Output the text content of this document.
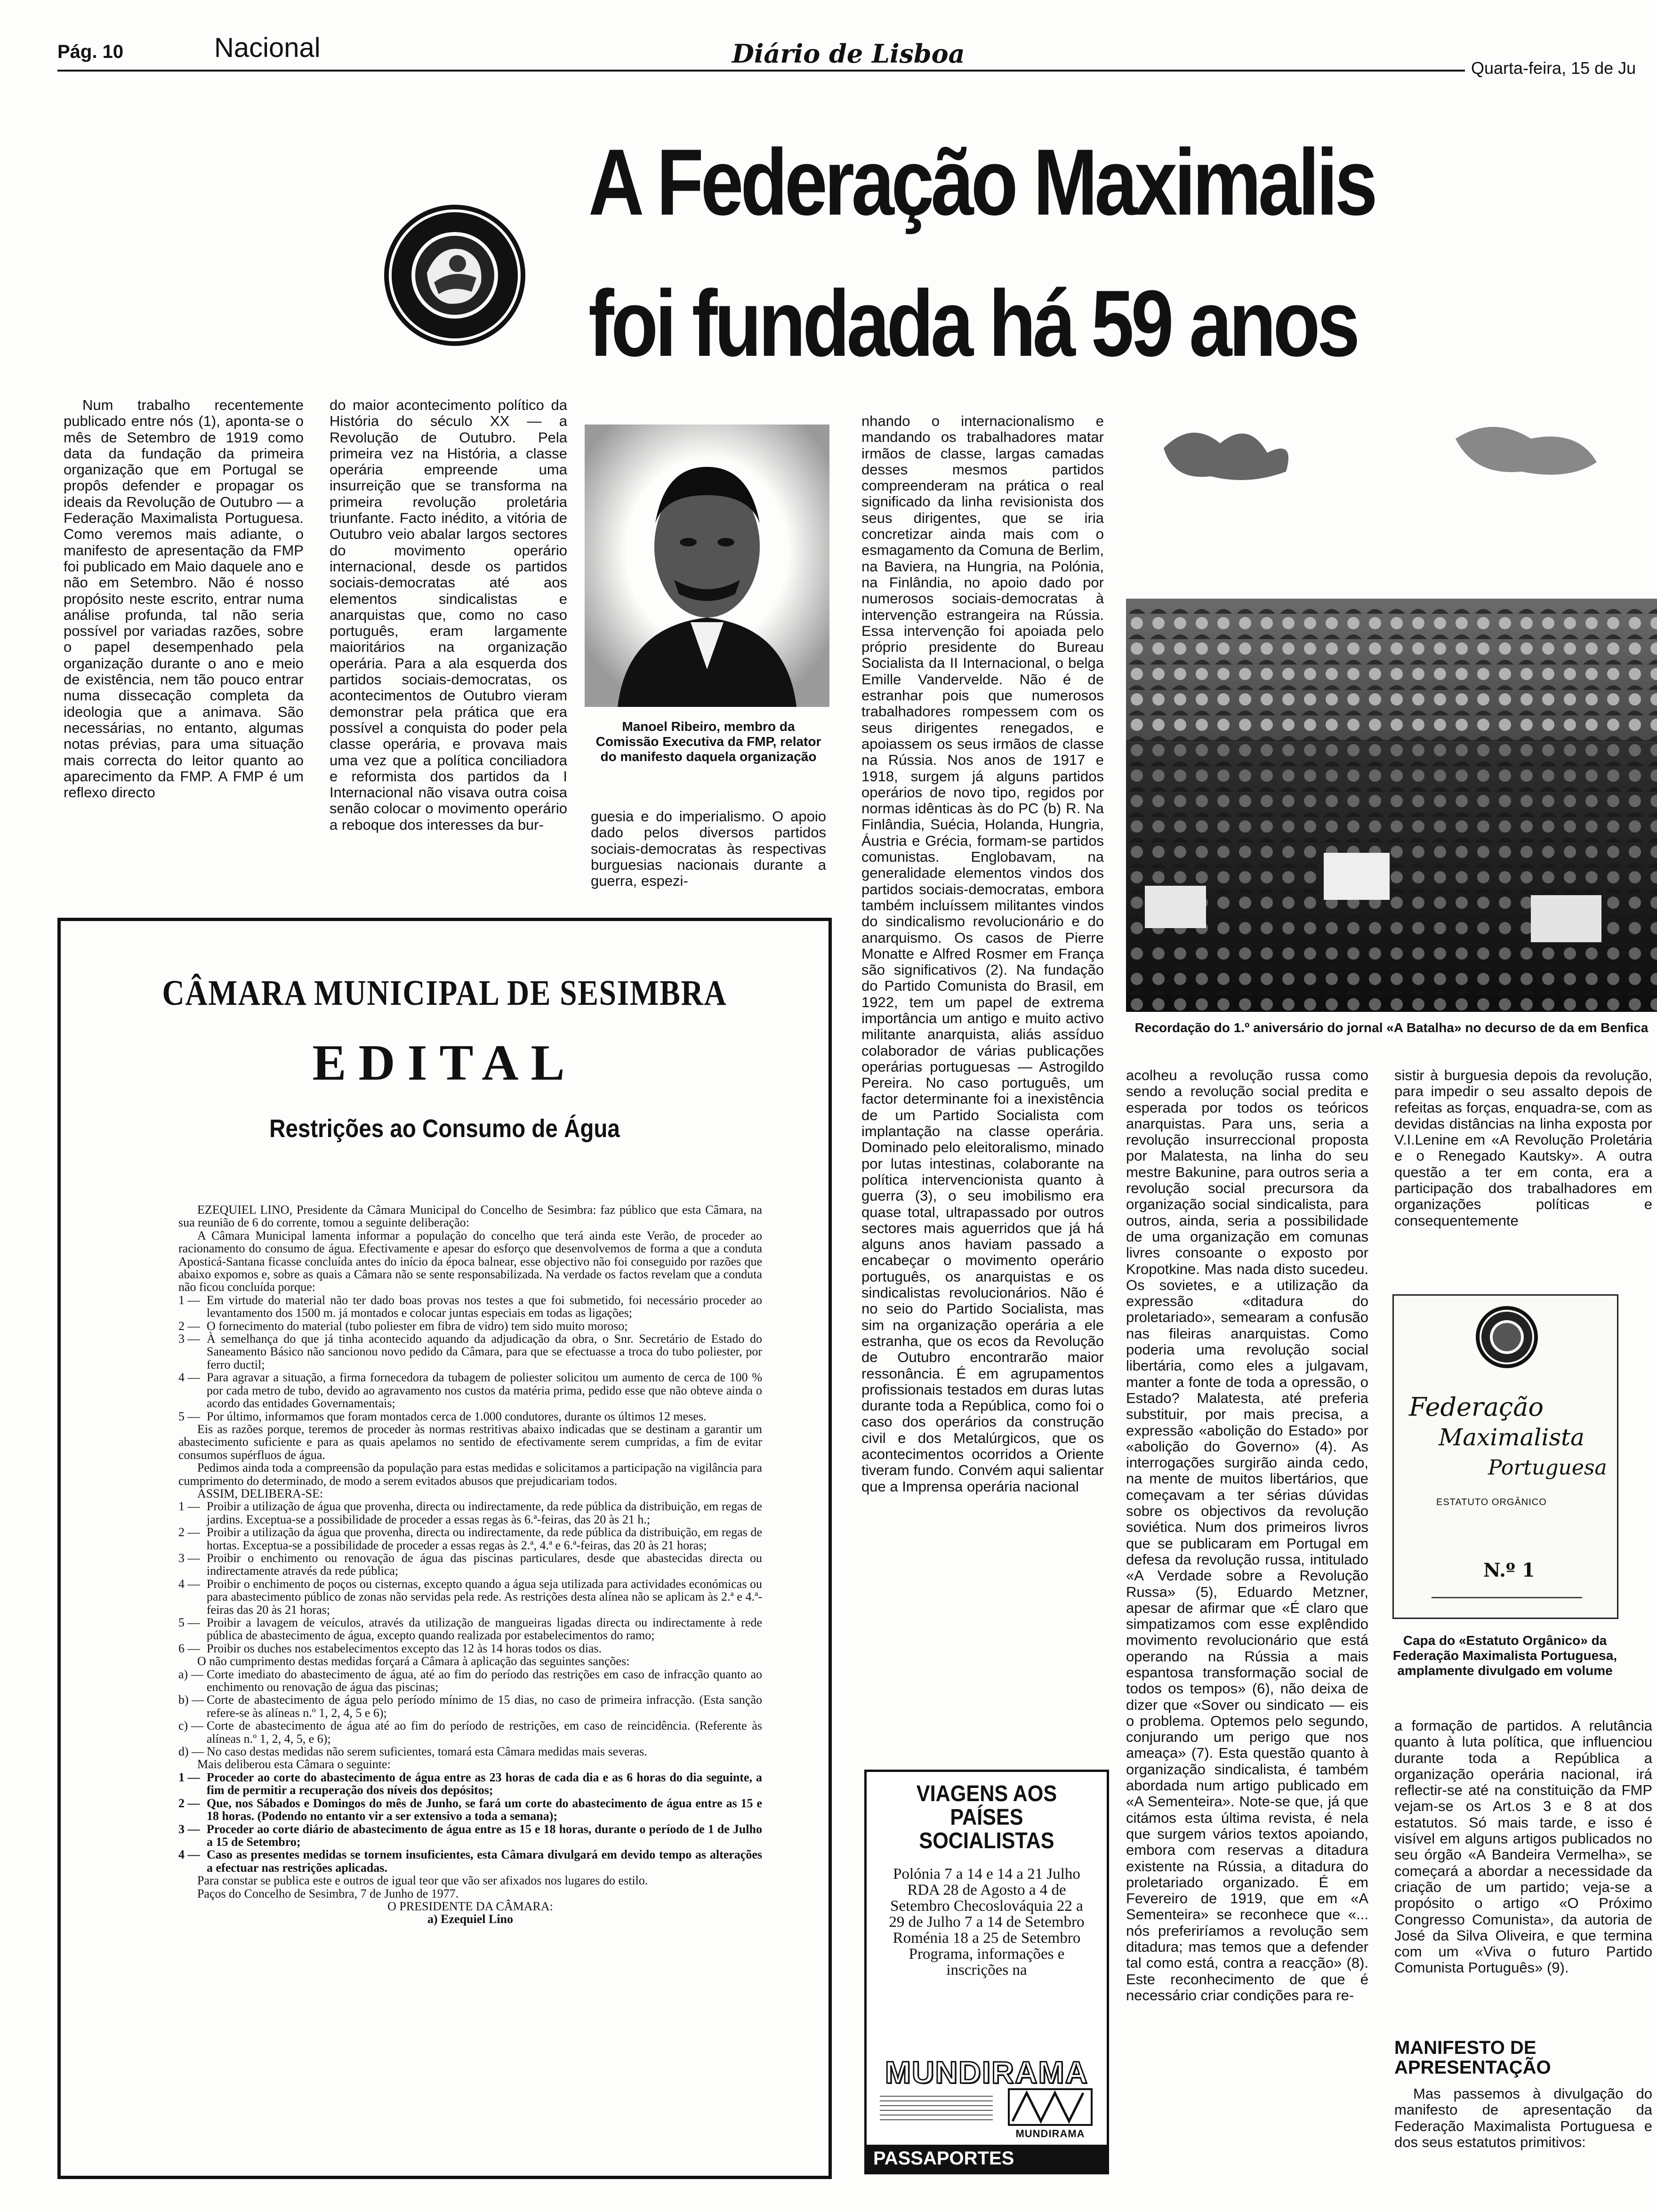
Pág. 10	Nacional	Diário de Lisboa	Quarta-feira, 15 de Ju
A Federação Maximalis
foi fundada há 59 anos

Num trabalho recentemente publicado entre nós (1), aponta-se o mês de Setembro de 1919 como data da fundação da primeira organização que em Portugal se propôs defender e propagar os ideais da Revolução de Outubro — a Federação Maximalista Portuguesa. Como veremos mais adiante, o manifesto de apresentação da FMP foi publicado em Maio daquele ano e não em Setembro. Não é nosso propósito neste escrito, entrar numa análise profunda, tal não seria possível por variadas razões, sobre o papel desempenhado pela organização durante o ano e meio de existência, nem tão pouco entrar numa dissecação completa da ideologia que a animava. São necessárias, no entanto, algumas notas prévias, para uma situação mais correcta do leitor quanto ao aparecimento da FMP. A FMP é um reflexo directo

do maior acontecimento político da História do século XX — a Revolução de Outubro. Pela primeira vez na História, a classe operária empreende uma insurreição que se transforma na primeira revolução proletária triunfante. Facto inédito, a vitória de Outubro veio abalar largos sectores do movimento operário internacional, desde os partidos sociais-democratas até aos elementos sindicalistas e anarquistas que, como no caso português, eram largamente maioritários na organização operária. Para a ala esquerda dos partidos sociais-democratas, os acontecimentos de Outubro vieram demonstrar pela prática que era possível a conquista do poder pela classe operária, e provava mais uma vez que a política conciliadora e reformista dos partidos da I Internacional não visava outra coisa senão colocar o movimento operário a reboque dos interesses da bur-

Manoel Ribeiro, membro da Comissão Executiva da FMP, relator do manifesto daquela organização

guesia e do imperialismo. O apoio dado pelos diversos partidos sociais-democratas às respectivas burguesias nacionais durante a guerra, espezi-

nhando o internacionalismo e mandando os trabalhadores matar irmãos de classe, largas camadas desses mesmos partidos compreenderam na prática o real significado da linha revisionista dos seus dirigentes, que se iria concretizar ainda mais com o esmagamento da Comuna de Berlim, na Baviera, na Hungria, na Polónia, na Finlândia, no apoio dado por numerosos sociais-democratas à intervenção estrangeira na Rússia. Essa intervenção foi apoiada pelo próprio presidente do Bureau Socialista da II Internacional, o belga Emille Vandervelde. Não é de estranhar pois que numerosos trabalhadores rompessem com os seus dirigentes renegados, e apoiassem os seus irmãos de classe na Rússia. Nos anos de 1917 e 1918, surgem já alguns partidos operários de novo tipo, regidos por normas idênticas às do PC (b) R. Na Finlândia, Suécia, Holanda, Hungria, Áustria e Grécia, formam-se partidos comunistas. Englobavam, na generalidade elementos vindos dos partidos sociais-democratas, embora também incluíssem militantes vindos do sindicalismo revolucionário e do anarquismo. Os casos de Pierre Monatte e Alfred Rosmer em França são significativos (2). Na fundação do Partido Comunista do Brasil, em 1922, tem um papel de extrema importância um antigo e muito activo militante anarquista, aliás assíduo colaborador de várias publicações operárias portuguesas — Astrogildo Pereira. No caso português, um factor determinante foi a inexistência de um Partido Socialista com implantação na classe operária. Dominado pelo eleitoralismo, minado por lutas intestinas, colaborante na política intervencionista quanto à guerra (3), o seu imobilismo era quase total, ultrapassado por outros sectores mais aguerridos que já há alguns anos haviam passado a encabeçar o movimento operário português, os anarquistas e os sindicalistas revolucionários. Não é no seio do Partido Socialista, mas sim na organização operária a ele estranha, que os ecos da Revolução de Outubro encontrarão maior ressonância. É em agrupamentos profissionais testados em duras lutas durante toda a República, como foi o caso dos operários da construção civil e dos Metalúrgicos, que os acontecimentos ocorridos a Oriente tiveram fundo. Convém aqui salientar que a Imprensa operária nacional

Recordação do 1.º aniversário do jornal «A Batalha» no decurso de da em Benfica

acolheu a revolução russa como sendo a revolução social predita e esperada por todos os teóricos anarquistas. Para uns, seria a revolução insurreccional proposta por Malatesta, na linha do seu mestre Bakunine, para outros seria a revolução social precursora da organização social sindicalista, para outros, ainda, seria a possibilidade de uma organização em comunas livres consoante o exposto por Kropotkine. Mas nada disto sucedeu. Os sovietes, e a utilização da expressão «ditadura do proletariado», semearam a confusão nas fileiras anarquistas. Como poderia uma revolução social libertária, como eles a julgavam, manter a fonte de toda a opressão, o Estado? Malatesta, até preferia substituir, por mais precisa, a expressão «abolição do Estado» por «abolição do Governo» (4). As interrogações surgirão ainda cedo, na mente de muitos libertários, que começavam a ter sérias dúvidas sobre os objectivos da revolução soviética. Num dos primeiros livros que se publicaram em Portugal em defesa da revolução russa, intitulado «A Verdade sobre a Revolução Russa» (5), Eduardo Metzner, apesar de afirmar que «É claro que simpatizamos com esse explêndido movimento revolucionário que está operando na Rússia a mais espantosa transformação social de todos os tempos» (6), não deixa de dizer que «Sover ou sindicato — eis o problema. Optemos pelo segundo, conjurando um perigo que nos ameaça» (7). Esta questão quanto à organização sindicalista, é também abordada num artigo publicado em «A Sementeira». Note-se que, já que citámos esta última revista, é nela que surgem vários textos apoiando, embora com reservas a ditadura existente na Rússia, a ditadura do proletariado organizado. É em Fevereiro de 1919, que em «A Sementeira» se reconhece que «... nós preferiríamos a revolução sem ditadura; mas temos que a defender tal como está, contra a reacção» (8). Este reconhecimento de que é necessário criar condições para re-

sistir à burguesia depois da revolução, para impedir o seu assalto depois de refeitas as forças, enquadra-se, com as devidas distâncias na linha exposta por V.I.Lenine em «A Revolução Proletária e o Renegado Kautsky». A outra questão a ter em conta, era a participação dos trabalhadores em organizações políticas e consequentemente

Federação
Maximalista
Portuguesa
ESTATUTO ORGÂNICO
N.º 1
Capa do «Estatuto Orgânico» da Federação Maximalista Portuguesa, amplamente divulgado em volume

a formação de partidos. A relutância quanto à luta política, que influenciou durante toda a República a organização operária nacional, irá reflectir-se até na constituição da FMP vejam-se os Art.os 3 e 8 at dos estatutos. Só mais tarde, e isso é visível em alguns artigos publicados no seu órgão «A Bandeira Vermelha», se começará a abordar a necessidade da criação de um partido; veja-se a propósito o artigo «O Próximo Congresso Comunista», da autoria de José da Silva Oliveira, e que termina com um «Viva o futuro Partido Comunista Português» (9).

MANIFESTO DE APRESENTAÇÃO

Mas passemos à divulgação do manifesto de apresentação da Federação Maximalista Portuguesa e dos seus estatutos primitivos:

CÂMARA MUNICIPAL DE SESIMBRA
EDITAL
Restrições ao Consumo de Água
EZEQUIEL LINO, Presidente da Câmara Municipal do Concelho de Sesimbra: faz público que esta Câmara, na sua reunião de 6 do corrente, tomou a seguinte deliberação:
A Câmara Municipal lamenta informar a população do concelho que terá ainda este Verão, de proceder ao racionamento do consumo de água. Efectivamente e apesar do esforço que desenvolvemos de forma a que a conduta Aposticá-Santana ficasse concluída antes do início da época balnear, esse objectivo não foi conseguido por razões que abaixo expomos e, sobre as quais a Câmara não se sente responsabilizada. Na verdade os factos revelam que a conduta não ficou concluída porque:
1 — Em virtude do material não ter dado boas provas nos testes a que foi submetido, foi necessário proceder ao levantamento dos 1500 m. já montados e colocar juntas especiais em todas as ligações;
2 — O fornecimento do material (tubo poliester em fibra de vidro) tem sido muito moroso;
3 — À semelhança do que já tinha acontecido aquando da adjudicação da obra, o Snr. Secretário de Estado do Saneamento Básico não sancionou novo pedido da Câmara, para que se efectuasse a troca do tubo poliester, por ferro ductil;
4 — Para agravar a situação, a firma fornecedora da tubagem de poliester solicitou um aumento de cerca de 100 % por cada metro de tubo, devido ao agravamento nos custos da matéria prima, pedido esse que não obteve ainda o acordo das entidades Governamentais;
5 — Por último, informamos que foram montados cerca de 1.000 condutores, durante os últimos 12 meses.
Eis as razões porque, teremos de proceder às normas restritivas abaixo indicadas que se destinam a garantir um abastecimento suficiente e para as quais apelamos no sentido de efectivamente serem cumpridas, a fim de evitar consumos supérfluos de água.
Pedimos ainda toda a compreensão da população para estas medidas e solicitamos a participação na vigilância para cumprimento do determinado, de modo a serem evitados abusos que prejudicariam todos.
ASSIM, DELIBERA-SE:
1 — Proibir a utilização de água que provenha, directa ou indirectamente, da rede pública da distribuição, em regas de jardins. Exceptua-se a possibilidade de proceder a essas regas às 6.ª-feiras, das 20 às 21 h.;
2 — Proibir a utilização da água que provenha, directa ou indirectamente, da rede pública da distribuição, em regas de hortas. Exceptua-se a possibilidade de proceder a essas regas às 2.ª, 4.ª e 6.ª-feiras, das 20 às 21 horas;
3 — Proibir o enchimento ou renovação de água das piscinas particulares, desde que abastecidas directa ou indirectamente através da rede pública;
4 — Proibir o enchimento de poços ou cisternas, excepto quando a água seja utilizada para actividades económicas ou para abastecimento público de zonas não servidas pela rede. As restrições desta alínea não se aplicam às 2.ª e 4.ª-feiras das 20 às 21 horas;
5 — Proibir a lavagem de veículos, através da utilização de mangueiras ligadas directa ou indirectamente à rede pública de abastecimento de água, excepto quando realizada por estabelecimentos do ramo;
6 — Proibir os duches nos estabelecimentos excepto das 12 às 14 horas todos os dias.
O não cumprimento destas medidas forçará a Câmara à aplicação das seguintes sanções:
a) — Corte imediato do abastecimento de água, até ao fim do período das restrições em caso de infracção quanto ao enchimento ou renovação de água das piscinas;
b) — Corte de abastecimento de água pelo período mínimo de 15 dias, no caso de primeira infracção. (Esta sanção refere-se às alíneas n.º 1, 2, 4, 5 e 6);
c) — Corte de abastecimento de água até ao fim do período de restrições, em caso de reincidência. (Referente às alíneas n.º 1, 2, 4, 5, e 6);
d) — No caso destas medidas não serem suficientes, tomará esta Câmara medidas mais severas.
Mais deliberou esta Câmara o seguinte:
1 — Proceder ao corte do abastecimento de água entre as 23 horas de cada dia e as 6 horas do dia seguinte, a fim de permitir a recuperação dos níveis dos depósitos;
2 — Que, nos Sábados e Domingos do mês de Junho, se fará um corte do abastecimento de água entre as 15 e 18 horas. (Podendo no entanto vir a ser extensivo a toda a semana);
3 — Proceder ao corte diário de abastecimento de água entre as 15 e 18 horas, durante o período de 1 de Julho a 15 de Setembro;
4 — Caso as presentes medidas se tornem insuficientes, esta Câmara divulgará em devido tempo as alterações a efectuar nas restrições aplicadas.
Para constar se publica este e outros de igual teor que vão ser afixados nos lugares do estilo.
Paços do Concelho de Sesimbra, 7 de Junho de 1977.
O PRESIDENTE DA CÂMARA:
a) Ezequiel Lino
VIAGENS AOS PAÍSES SOCIALISTAS
Polónia 7 a 14 e 14 a 21 Julho RDA 28 de Agosto a 4 de Setembro Checoslováquia 22 a 29 de Julho 7 a 14 de Setembro Roménia 18 a 25 de Setembro Programa, informações e inscrições na
MUNDIRAMA
MUNDIRAMA
PASSAPORTES
